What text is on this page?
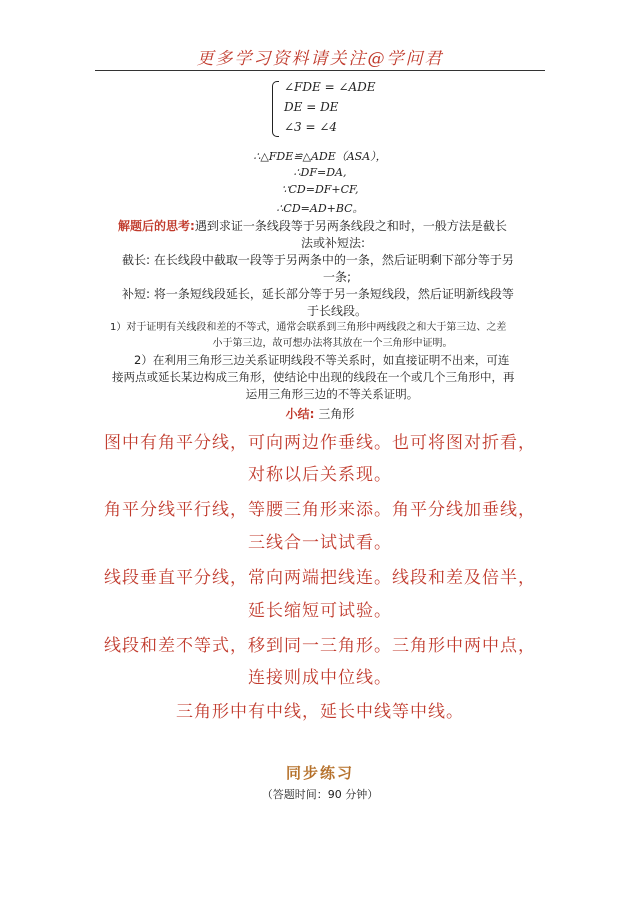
更多学习资料请关注@学问君
∠FDE = ∠ADE
DE = DE
∠3 = ∠4
∴△FDE≌△ADE（ASA），
∴DF=DA,
∵CD=DF+CF,
∴CD=AD+BC。
解题后的思考:遇到求证一条线段等于另两条线段之和时，一般方法是截长
法或补短法:
截长: 在长线段中截取一段等于另两条中的一条，然后证明剩下部分等于另
一条;
补短: 将一条短线段延长，延长部分等于另一条短线段，然后证明新线段等
于长线段。
1）对于证明有关线段和差的不等式，通常会联系到三角形中两线段之和大于第三边、之差
小于第三边，故可想办法将其放在一个三角形中证明。
2）在利用三角形三边关系证明线段不等关系时，如直接证明不出来，可连
接两点或延长某边构成三角形，使结论中出现的线段在一个或几个三角形中，再
运用三角形三边的不等关系证明。
小结: 三角形
图中有角平分线，可向两边作垂线。也可将图对折看，
对称以后关系现。
角平分线平行线，等腰三角形来添。角平分线加垂线，
三线合一试试看。
线段垂直平分线，常向两端把线连。线段和差及倍半，
延长缩短可试验。
线段和差不等式，移到同一三角形。三角形中两中点，
连接则成中位线。
三角形中有中线，延长中线等中线。
同步练习
（答题时间：90 分钟）
